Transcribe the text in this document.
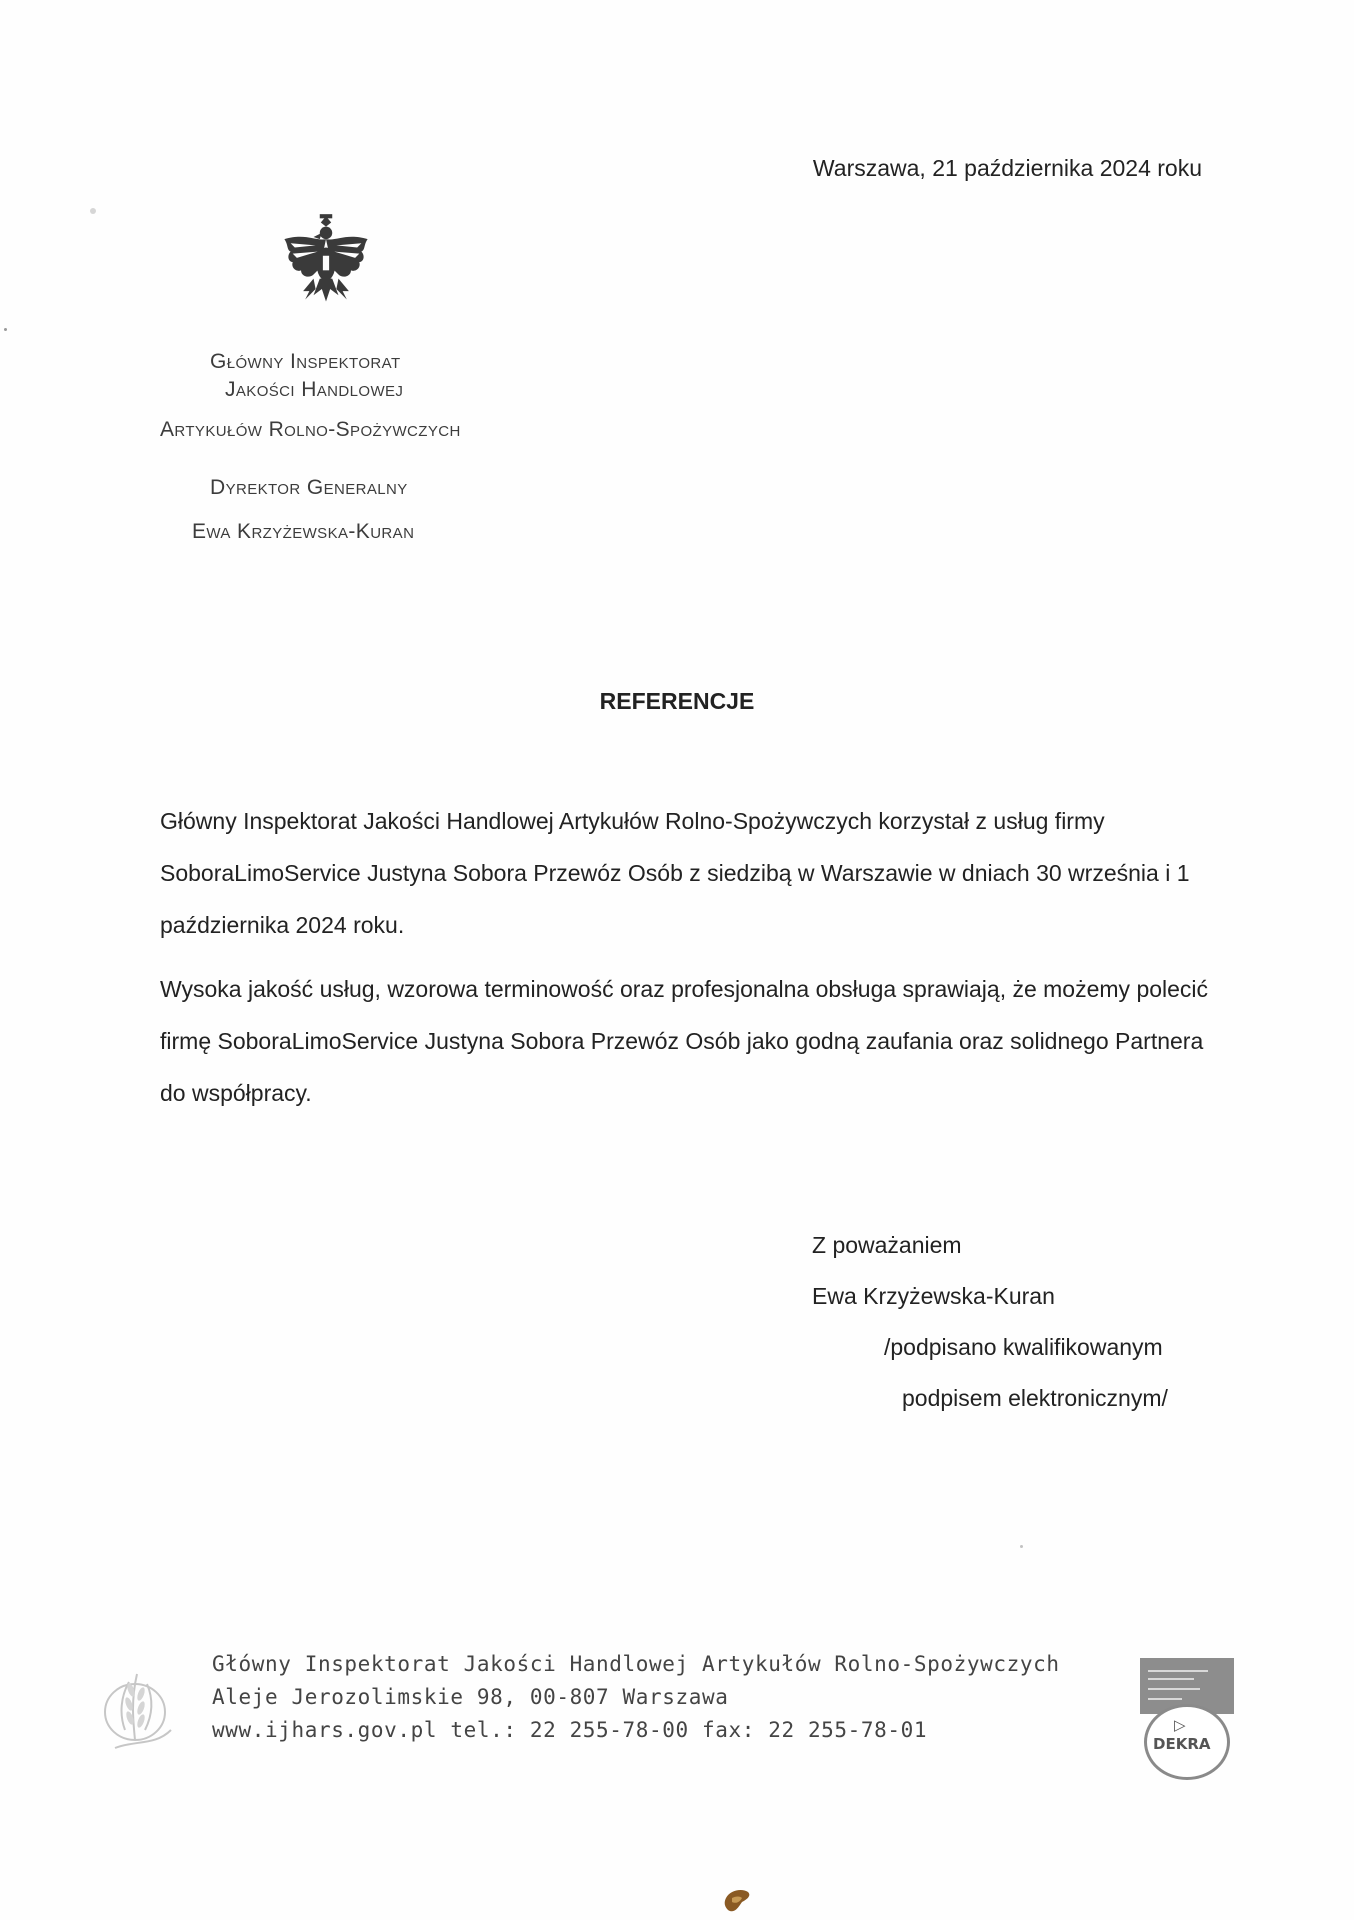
Warszawa, 21 października 2024 roku
Główny Inspektorat
Jakości Handlowej
Artykułów Rolno-Spożywczych
Dyrektor Generalny
Ewa Krzyżewska-Kuran
REFERENCJE

Główny Inspektorat Jakości Handlowej Artykułów Rolno-Spożywczych korzystał z usług firmy SoboraLimoService Justyna Sobora Przewóz Osób z siedzibą w Warszawie w dniach 30 września i 1 października 2024 roku.

Wysoka jakość usług, wzorowa terminowość oraz profesjonalna obsługa sprawiają, że możemy polecić firmę SoboraLimoService Justyna Sobora Przewóz Osób jako godną zaufania oraz solidnego Partnera do współpracy.

Z poważaniem
Ewa Krzyżewska-Kuran
/podpisano kwalifikowanym
podpisem elektronicznym/
Główny Inspektorat Jakości Handlowej Artykułów Rolno-Spożywczych
Aleje Jerozolimskie 98, 00-807 Warszawa
www.ijhars.gov.pl tel.: 22 255-78-00 fax: 22 255-78-01	▷
DEKRA
